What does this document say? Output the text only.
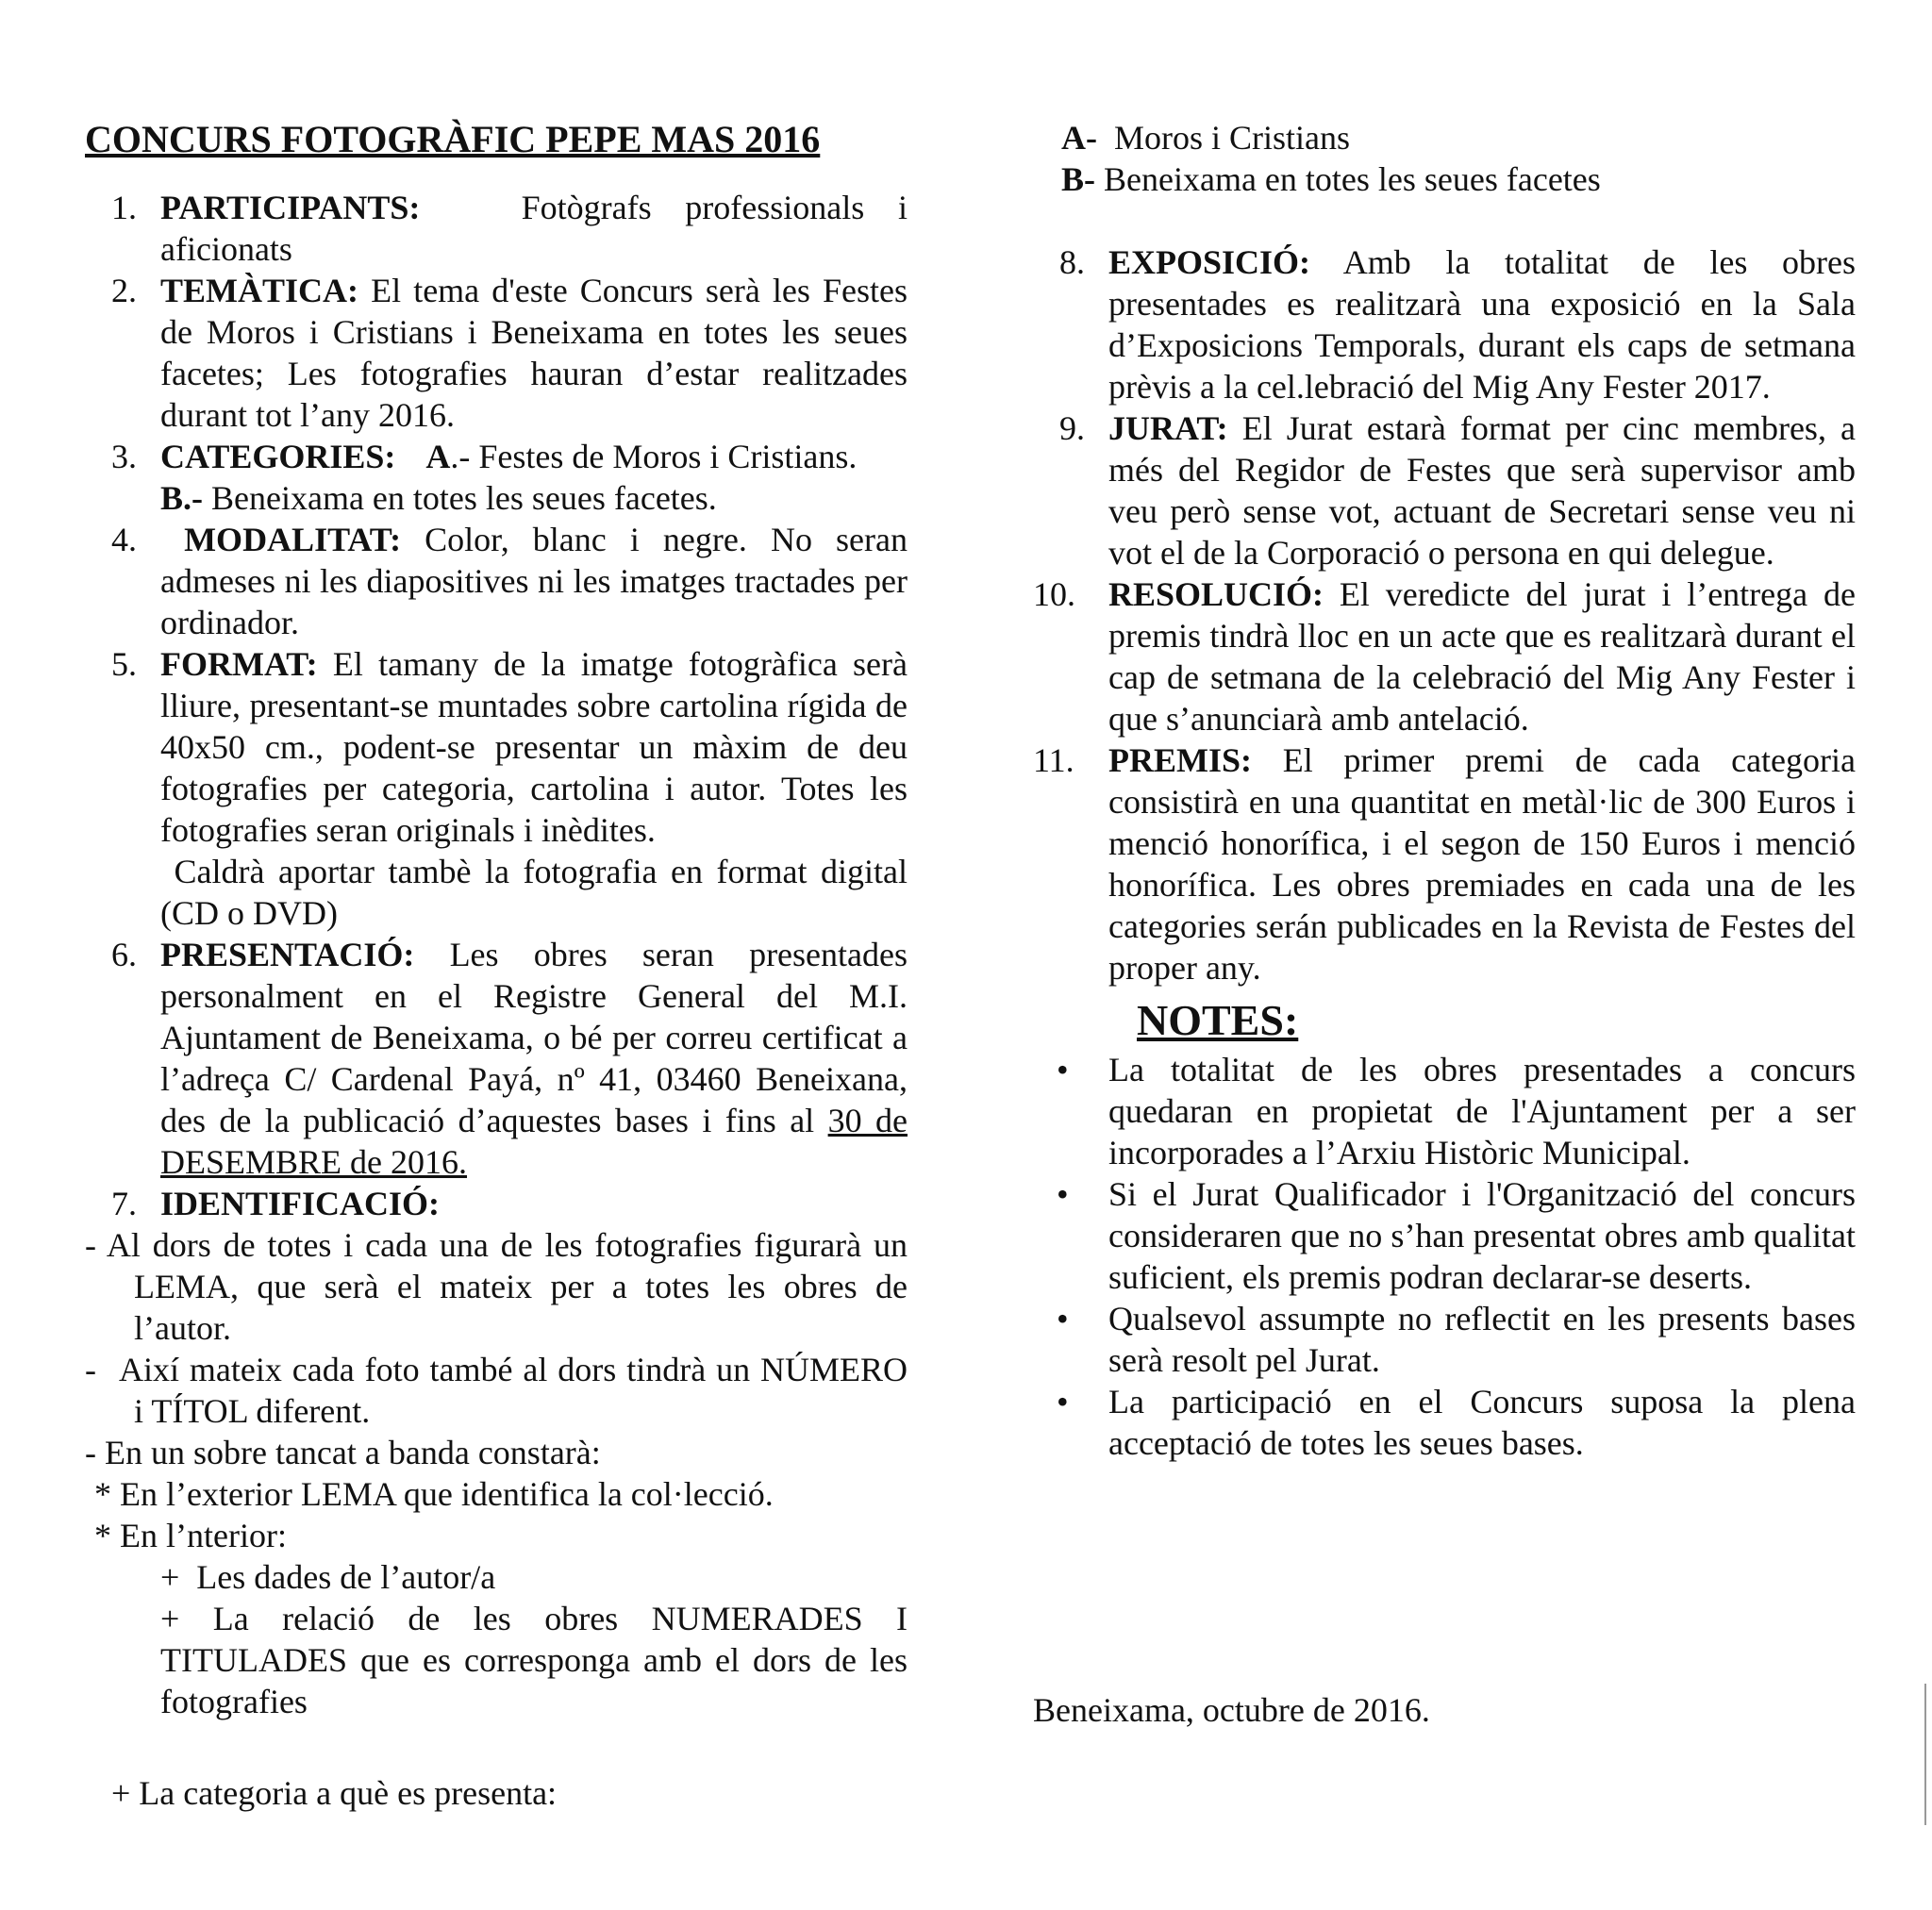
CONCURS FOTOGRÀFIC PEPE MAS 2016
1. PARTICIPANTS:   Fotògrafs professionals i aficionats
2. TEMÀTICA: El tema d'este Concurs serà les Festes de Moros i Cristians i Beneixama en totes les seues facetes; Les fotografies hauran d’estar realitzades durant tot l’any 2016.
3. CATEGORIES: A.- Festes de Moros i Cristians.
B.- Beneixama en totes les seues facetes.
4. MODALITAT: Color, blanc i negre. No seran admeses ni les diapositives ni les imatges tractades per ordinador.
5. FORMAT: El tamany de la imatge fotogràfica serà lliure, presentant-se muntades sobre cartolina rígida de 40x50 cm., podent-se presentar un màxim de deu fotografies per categoria, cartolina i autor. Totes les fotografies seran originals i inèdites.
Caldrà aportar tambè la fotografia en format digital (CD o DVD)
6. PRESENTACIÓ: Les obres seran presentades personalment en el Registre General del M.I. Ajuntament de Beneixama, o bé per correu certificat a l’adreça C/ Cardenal Payá, nº 41, 03460 Beneixana, des de la publicació d’aquestes bases i fins al 30 de DESEMBRE de 2016.
7. IDENTIFICACIÓ:
- Al dors de totes i cada una de les fotografies figurarà un LEMA, que serà el mateix per a totes les obres de l’autor.
- Així mateix cada foto també al dors tindrà un NÚMERO i TÍTOL diferent.
- En un sobre tancat a banda constarà:
* En l’exterior LEMA que identifica la col·lecció.
* En l’nterior:
+  Les dades de l’autor/a
+ La relació de les obres NUMERADES I TITULADES que es corresponga amb el dors de les fotografies
+ La categoria a què es presenta:
A-  Moros i Cristians
B- Beneixama en totes les seues facetes
8. EXPOSICIÓ: Amb la totalitat de les obres presentades es realitzarà una exposició en la Sala d’Exposicions Temporals, durant els caps de setmana prèvis a la cel.lebració del Mig Any Fester 2017.
9. JURAT: El Jurat estarà format per cinc membres, a més del Regidor de Festes que serà supervisor amb veu però sense vot, actuant de Secretari sense veu ni vot el de la Corporació o persona en qui delegue.
10. RESOLUCIÓ: El veredicte del jurat i l’entrega de premis tindrà lloc en un acte que es realitzarà durant el cap de setmana de la celebració del Mig Any Fester i que s’anunciarà amb antelació.
11.	PREMIS: El primer premi de cada categoria consistirà en una quantitat en metàl·lic de 300 Euros i menció honorífica, i el segon de 150 Euros i menció honorífica. Les obres premiades en cada una de les categories serán publicades en la Revista de Festes del proper any.
NOTES:
•	La totalitat de les obres presentades a concurs quedaran en propietat de l'Ajuntament per a ser incorporades a l’Arxiu Històric Municipal.
•	Si el Jurat Qualificador i l'Organització del concurs consideraren que no s’han presentat obres amb qualitat suficient, els premis podran declarar-se deserts.
•	Qualsevol assumpte no reflectit en les presents bases serà resolt pel Jurat.
•	La participació en el Concurs suposa la plena acceptació de totes les seues bases.
Beneixama, octubre de 2016.
